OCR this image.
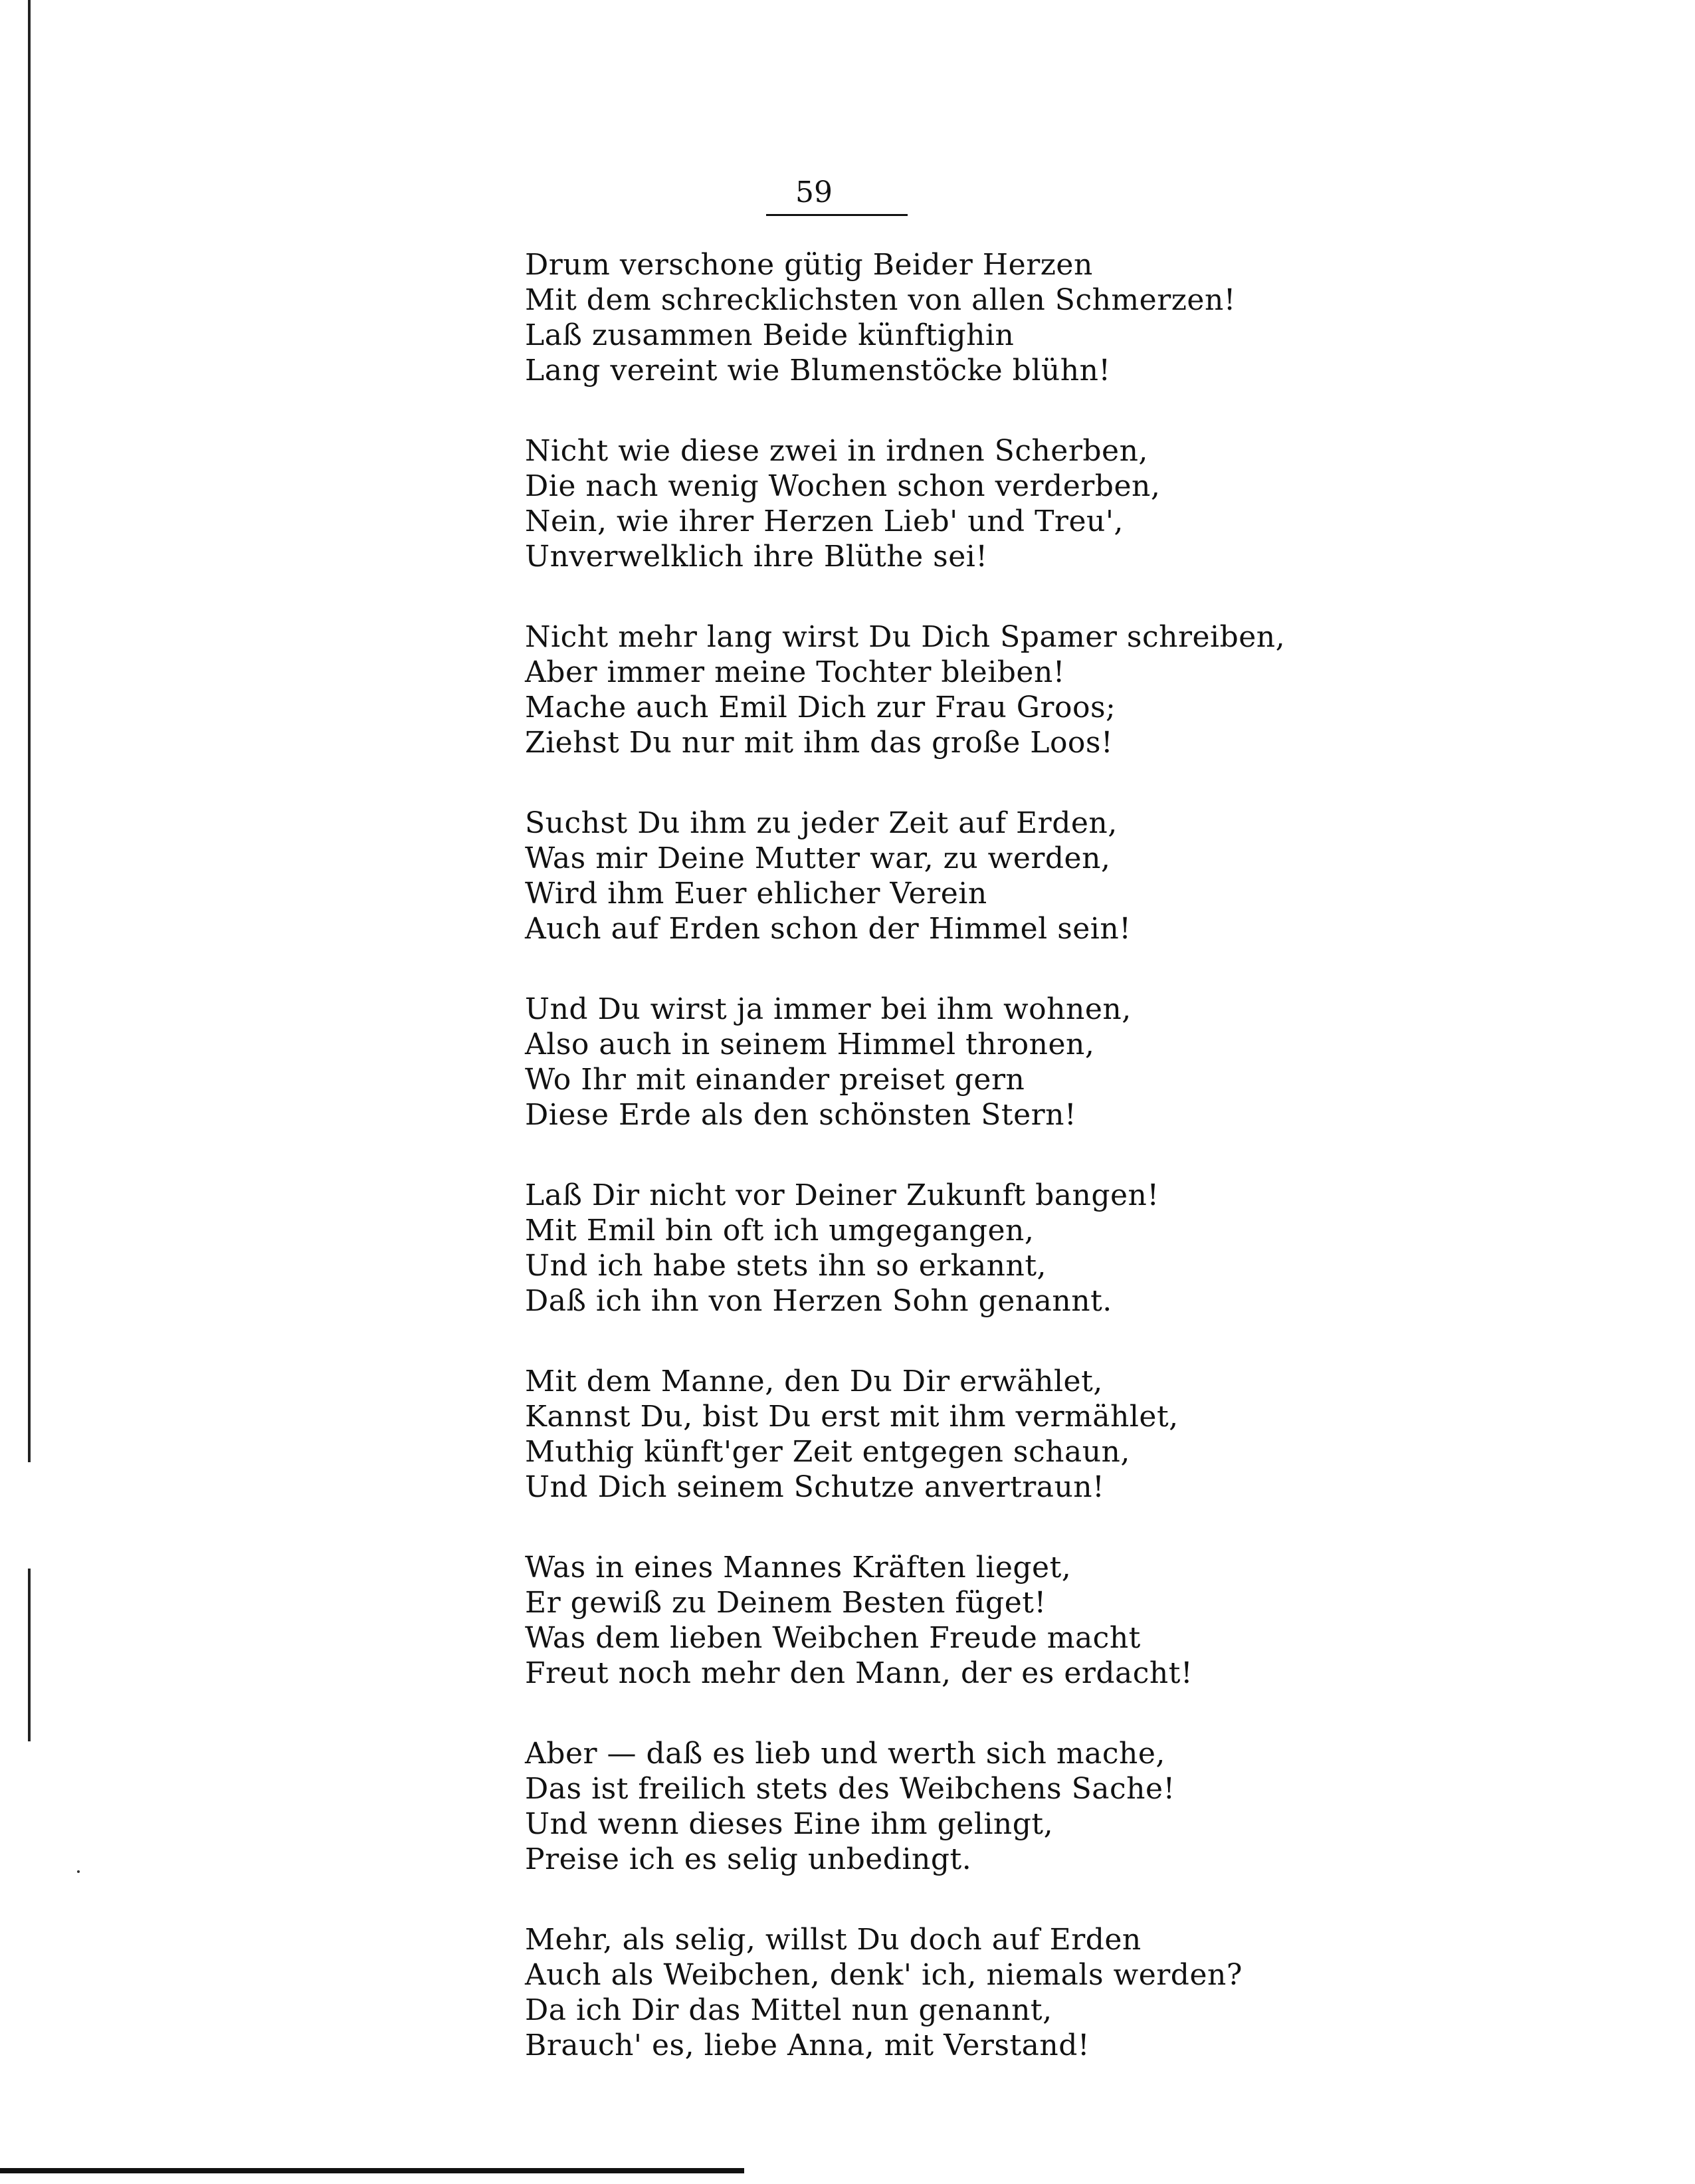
59
Drum verschone gütig Beider Herzen
Mit dem schrecklichsten von allen Schmerzen!
Laß zusammen Beide künftighin
Lang vereint wie Blumenstöcke blühn!
Nicht wie diese zwei in irdnen Scherben,
Die nach wenig Wochen schon verderben,
Nein, wie ihrer Herzen Lieb' und Treu',
Unverwelklich ihre Blüthe sei!
Nicht mehr lang wirst Du Dich Spamer schreiben,
Aber immer meine Tochter bleiben!
Mache auch Emil Dich zur Frau Groos;
Ziehst Du nur mit ihm das große Loos!
Suchst Du ihm zu jeder Zeit auf Erden,
Was mir Deine Mutter war, zu werden,
Wird ihm Euer ehlicher Verein
Auch auf Erden schon der Himmel sein!
Und Du wirst ja immer bei ihm wohnen,
Also auch in seinem Himmel thronen,
Wo Ihr mit einander preiset gern
Diese Erde als den schönsten Stern!
Laß Dir nicht vor Deiner Zukunft bangen!
Mit Emil bin oft ich umgegangen,
Und ich habe stets ihn so erkannt,
Daß ich ihn von Herzen Sohn genannt.
Mit dem Manne, den Du Dir erwählet,
Kannst Du, bist Du erst mit ihm vermählet,
Muthig künft'ger Zeit entgegen schaun,
Und Dich seinem Schutze anvertraun!
Was in eines Mannes Kräften lieget,
Er gewiß zu Deinem Besten füget!
Was dem lieben Weibchen Freude macht
Freut noch mehr den Mann, der es erdacht!
Aber — daß es lieb und werth sich mache,
Das ist freilich stets des Weibchens Sache!
Und wenn dieses Eine ihm gelingt,
Preise ich es selig unbedingt.
Mehr, als selig, willst Du doch auf Erden
Auch als Weibchen, denk' ich, niemals werden?
Da ich Dir das Mittel nun genannt,
Brauch' es, liebe Anna, mit Verstand!
